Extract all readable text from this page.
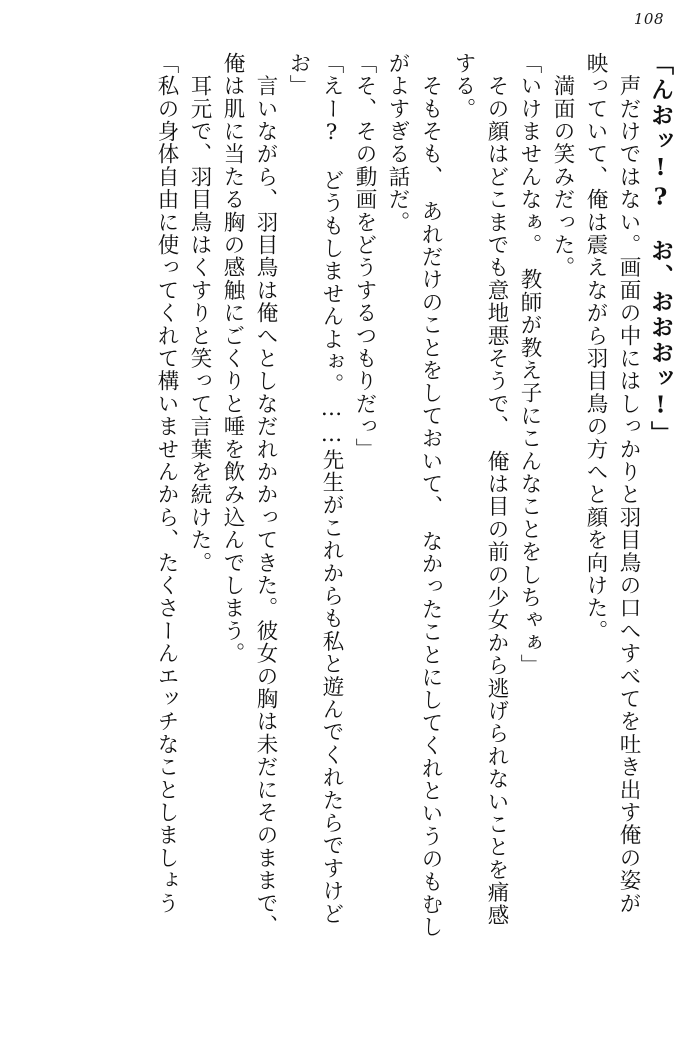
108
「んおッ!?　お、おおおッ!」
　声だけではない。画面の中にはしっかりと羽目鳥の口へすべてを吐き出す俺の姿が
映っていて、俺は震えながら羽目鳥の方へと顔を向けた。
　満面の笑みだった。
「いけませんなぁ。　教師が教え子にこんなことをしちゃぁ」
　その顔はどこまでも意地悪そうで、　俺は目の前の少女から逃げられないことを痛感
する。
　そもそも、　あれだけのことをしておいて、　なかったことにしてくれというのもむし
がよすぎる話だ。
「そ、その動画をどうするつもりだっ」
「えー?　どうもしませんよぉ。……先生がこれからも私と遊んでくれたらですけど
お」
　言いながら、羽目鳥は俺へとしなだれかかってきた。彼女の胸は未だにそのままで、
俺は肌に当たる胸の感触にごくりと唾を飲み込んでしまう。
　耳元で、羽目鳥はくすりと笑って言葉を続けた。
「私の身体自由に使ってくれて構いませんから、たくさーんエッチなことしましょう
